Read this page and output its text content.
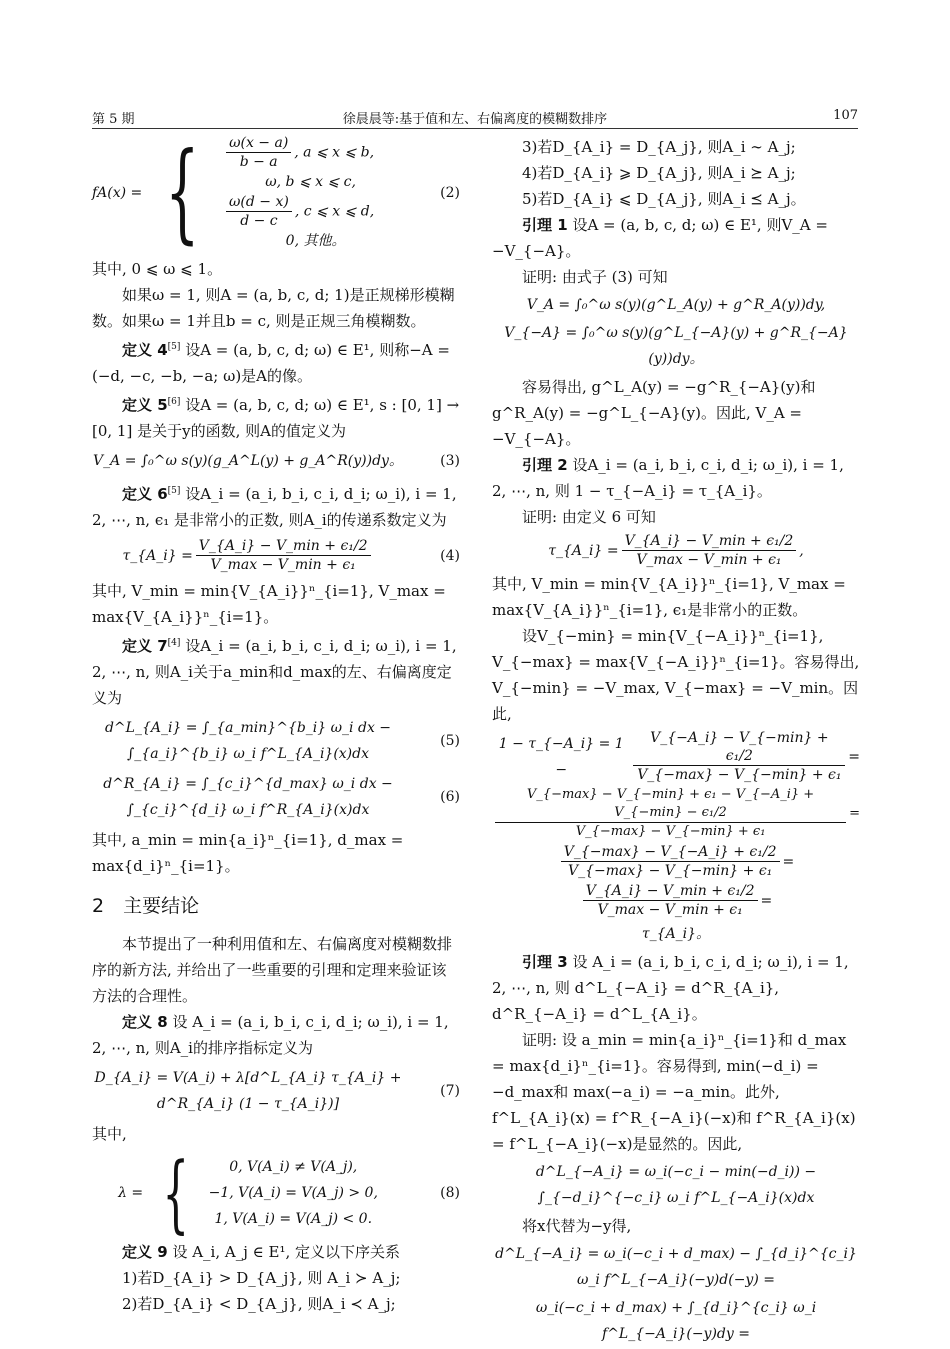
第 5 期	徐晨晨等:基于值和左、右偏离度的模糊数排序	107
fA(x) = { $\frac{\omega(x - a)}{b - a}$ , a ⩽ x ⩽ b,
ω, b ⩽ x ⩽ c,
$\frac{\omega(d - x)}{d - c}$ , c ⩽ x ⩽ d,
0, 其他。
(2)

其中, 0 ⩽ ω ⩽ 1。

如果ω = 1, 则A = (a, b, c, d; 1)是正规梯形模糊数。如果ω = 1并且b = c, 则是正规三角模糊数。

定义 4[5] 设A = (a, b, c, d; ω) ∈ E¹, 则称−A = (−d, −c, −b, −a; ω)是A的像。

定义 5[6] 设A = (a, b, c, d; ω) ∈ E¹, s : [0, 1] → [0, 1] 是关于y的函数, 则A的值定义为

V_A = ∫₀^ω s(y)(g_A^L(y) + g_A^R(y))dy。	(3)

定义 6[5] 设A_i = (a_i, b_i, c_i, d_i; ω_i), i = 1, 2, ⋯, n, ϵ₁ 是非常小的正数, 则A_i的传递系数定义为

τ_{A_i} = $\frac{\text{V\_\{A\_i\} − V\_min + ϵ₁/2}}{\text{V\_max − V\_min + ϵ₁}}$	(4)

其中, V_min = min{V_{A_i}}ⁿ_{i=1}, V_max = max{V_{A_i}}ⁿ_{i=1}。

定义 7[4] 设A_i = (a_i, b_i, c_i, d_i; ω_i), i = 1, 2, ⋯, n, 则A_i关于a_min和d_max的左、右偏离度定义为

d^L_{A_i} = ∫_{a_min}^{b_i} ω_i dx − ∫_{a_i}^{b_i} ω_i f^L_{A_i}(x)dx
(5)
d^R_{A_i} = ∫_{c_i}^{d_max} ω_i dx − ∫_{c_i}^{d_i} ω_i f^R_{A_i}(x)dx
(6)

其中, a_min = min{a_i}ⁿ_{i=1}, d_max = max{d_i}ⁿ_{i=1}。

2　主要结论

本节提出了一种利用值和左、右偏离度对模糊数排序的新方法, 并给出了一些重要的引理和定理来验证该方法的合理性。

定义 8 设 A_i = (a_i, b_i, c_i, d_i; ω_i), i = 1, 2, ⋯, n, 则A_i的排序指标定义为

D_{A_i} = V(A_i) + λ[d^L_{A_i} τ_{A_i} + d^R_{A_i} (1 − τ_{A_i})]
(7)

其中,

λ = {	0, V(A_i) ≠ V(A_j),
−1, V(A_i) = V(A_j) > 0,
1, V(A_i) = V(A_j) < 0.
(8)

定义 9 设 A_i, A_j ∈ E¹, 定义以下序关系

1)若D_{A_i} > D_{A_j}, 则 A_i ≻ A_j;

2)若D_{A_i} < D_{A_j}, 则A_i ≺ A_j;

3)若D_{A_i} = D_{A_j}, 则A_i ∼ A_j;

4)若D_{A_i} ⩾ D_{A_j}, 则A_i ⪰ A_j;

5)若D_{A_i} ⩽ D_{A_j}, 则A_i ⪯ A_j。

引理 1 设A = (a, b, c, d; ω) ∈ E¹, 则V_A = −V_{−A}。

证明: 由式子 (3) 可知

V_A = ∫₀^ω s(y)(g^L_A(y) + g^R_A(y))dy,
V_{−A} = ∫₀^ω s(y)(g^L_{−A}(y) + g^R_{−A}(y))dy。

容易得出, g^L_A(y) = −g^R_{−A}(y)和g^R_A(y) = −g^L_{−A}(y)。因此, V_A = −V_{−A}。

引理 2 设A_i = (a_i, b_i, c_i, d_i; ω_i), i = 1, 2, ⋯, n, 则 1 − τ_{−A_i} = τ_{A_i}。

证明: 由定义 6 可知

τ_{A_i} = $\frac{\text{V\_\{A\_i\} − V\_min + ϵ₁/2}}{\text{V\_max − V\_min + ϵ₁}}$ ,

其中, V_min = min{V_{A_i}}ⁿ_{i=1}, V_max = max{V_{A_i}}ⁿ_{i=1}, ϵ₁是非常小的正数。

设V_{−min} = min{V_{−A_i}}ⁿ_{i=1}, V_{−max} = max{V_{−A_i}}ⁿ_{i=1}。容易得出, V_{−min} = −V_max, V_{−max} = −V_min。因此,

1 − τ_{−A_i} = 1 −	$\frac{\text{V\_\{−A\_i\} − V\_\{−min\} + ϵ₁/2}}{\text{V\_\{−max\} − V\_\{−min\} + ϵ₁}}$ =
$\frac{\text{V\_\{−max\} − V\_\{−min\} + ϵ₁ − V\_\{−A\_i\} + V\_\{−min\} − ϵ₁/2}}{\text{V\_\{−max\} − V\_\{−min\} + ϵ₁}}$ =
$\frac{\text{V\_\{−max\} − V\_\{−A\_i\} + ϵ₁/2}}{\text{V\_\{−max\} − V\_\{−min\} + ϵ₁}}$ =
$\frac{\text{V\_\{A\_i\} − V\_min + ϵ₁/2}}{\text{V\_max − V\_min + ϵ₁}}$ =
τ_{A_i}。

引理 3 设 A_i = (a_i, b_i, c_i, d_i; ω_i), i = 1, 2, ⋯, n, 则 d^L_{−A_i} = d^R_{A_i}, d^R_{−A_i} = d^L_{A_i}。

证明: 设 a_min = min{a_i}ⁿ_{i=1}和 d_max = max{d_i}ⁿ_{i=1}。容易得到, min(−d_i) = −d_max和 max(−a_i) = −a_min。此外, f^L_{A_i}(x) = f^R_{−A_i}(−x)和 f^R_{A_i}(x) = f^L_{−A_i}(−x)是显然的。因此,

d^L_{−A_i} = ω_i(−c_i − min(−d_i)) − ∫_{−d_i}^{−c_i} ω_i f^L_{−A_i}(x)dx

将x代替为−y得,

d^L_{−A_i} = ω_i(−c_i + d_max) − ∫_{d_i}^{c_i} ω_i f^L_{−A_i}(−y)d(−y) =
ω_i(−c_i + d_max) + ∫_{d_i}^{c_i} ω_i f^L_{−A_i}(−y)dy =
